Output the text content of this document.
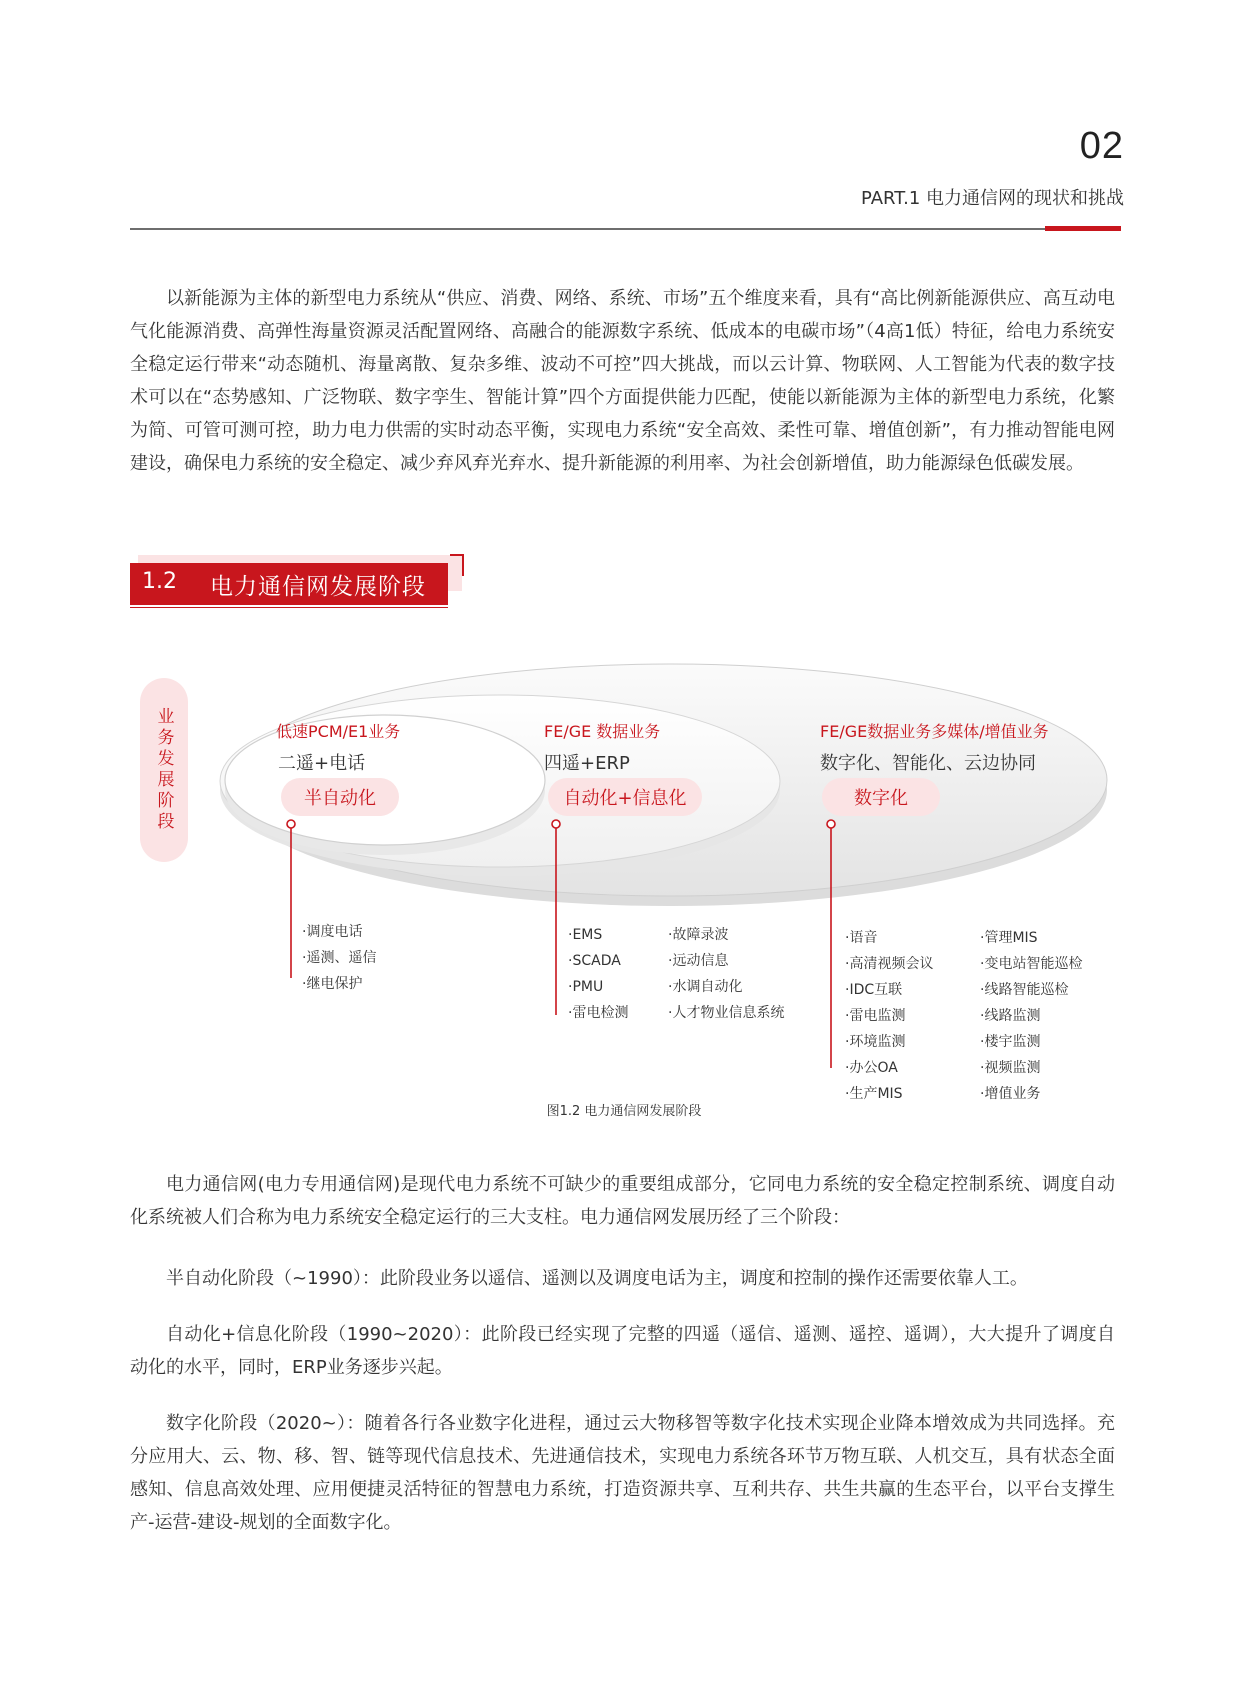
02
PART.1 电力通信网的现状和挑战

以新能源为主体的新型电力系统从“供应、消费、网络、系统、市场”五个维度来看，具有“高比例新能源供应、高互动电气化能源消费、高弹性海量资源灵活配置网络、高融合的能源数字系统、低成本的电碳市场”（4高1低）特征，给电力系统安全稳定运行带来“动态随机、海量离散、复杂多维、波动不可控”四大挑战，而以云计算、物联网、人工智能为代表的数字技术可以在“态势感知、广泛物联、数字孪生、智能计算”四个方面提供能力匹配，使能以新能源为主体的新型电力系统，化繁为简、可管可测可控，助力电力供需的实时动态平衡，实现电力系统“安全高效、柔性可靠、增值创新”，有力推动智能电网建设，确保电力系统的安全稳定、减少弃风弃光弃水、提升新能源的利用率、为社会创新增值，助力能源绿色低碳发展。

1.2 电力通信网发展阶段
业务发展阶段	低速PCM/E1业务
二遥+电话
半自动化
FE/GE 数据业务
四遥+ERP
自动化+信息化
FE/GE数据业务多媒体/增值业务
数字化、智能化、云边协同
数字化
· 调度电话
· 遥测、遥信
· 继电保护
· EMS
· SCADA
· PMU
· 雷电检测
· 故障录波
· 远动信息
· 水调自动化
· 人才物业信息系统
· 语音
· 高清视频会议
· IDC互联
· 雷电监测
· 环境监测
· 办公OA
· 生产MIS
· 管理MIS
· 变电站智能巡检
· 线路智能巡检
· 线路监测
· 楼宇监测
· 视频监测
· 增值业务
图1.2 电力通信网发展阶段

电力通信网(电力专用通信网)是现代电力系统不可缺少的重要组成部分，它同电力系统的安全稳定控制系统、调度自动化系统被人们合称为电力系统安全稳定运行的三大支柱。电力通信网发展历经了三个阶段：

半自动化阶段（~1990）：此阶段业务以遥信、遥测以及调度电话为主，调度和控制的操作还需要依靠人工。

自动化+信息化阶段（1990~2020）：此阶段已经实现了完整的四遥（遥信、遥测、遥控、遥调），大大提升了调度自动化的水平，同时，ERP业务逐步兴起。

数字化阶段（2020~）：随着各行各业数字化进程，通过云大物移智等数字化技术实现企业降本增效成为共同选择。充分应用大、云、物、移、智、链等现代信息技术、先进通信技术，实现电力系统各环节万物互联、人机交互，具有状态全面感知、信息高效处理、应用便捷灵活特征的智慧电力系统，打造资源共享、互利共存、共生共赢的生态平台，以平台支撑生产-运营-建设-规划的全面数字化。
